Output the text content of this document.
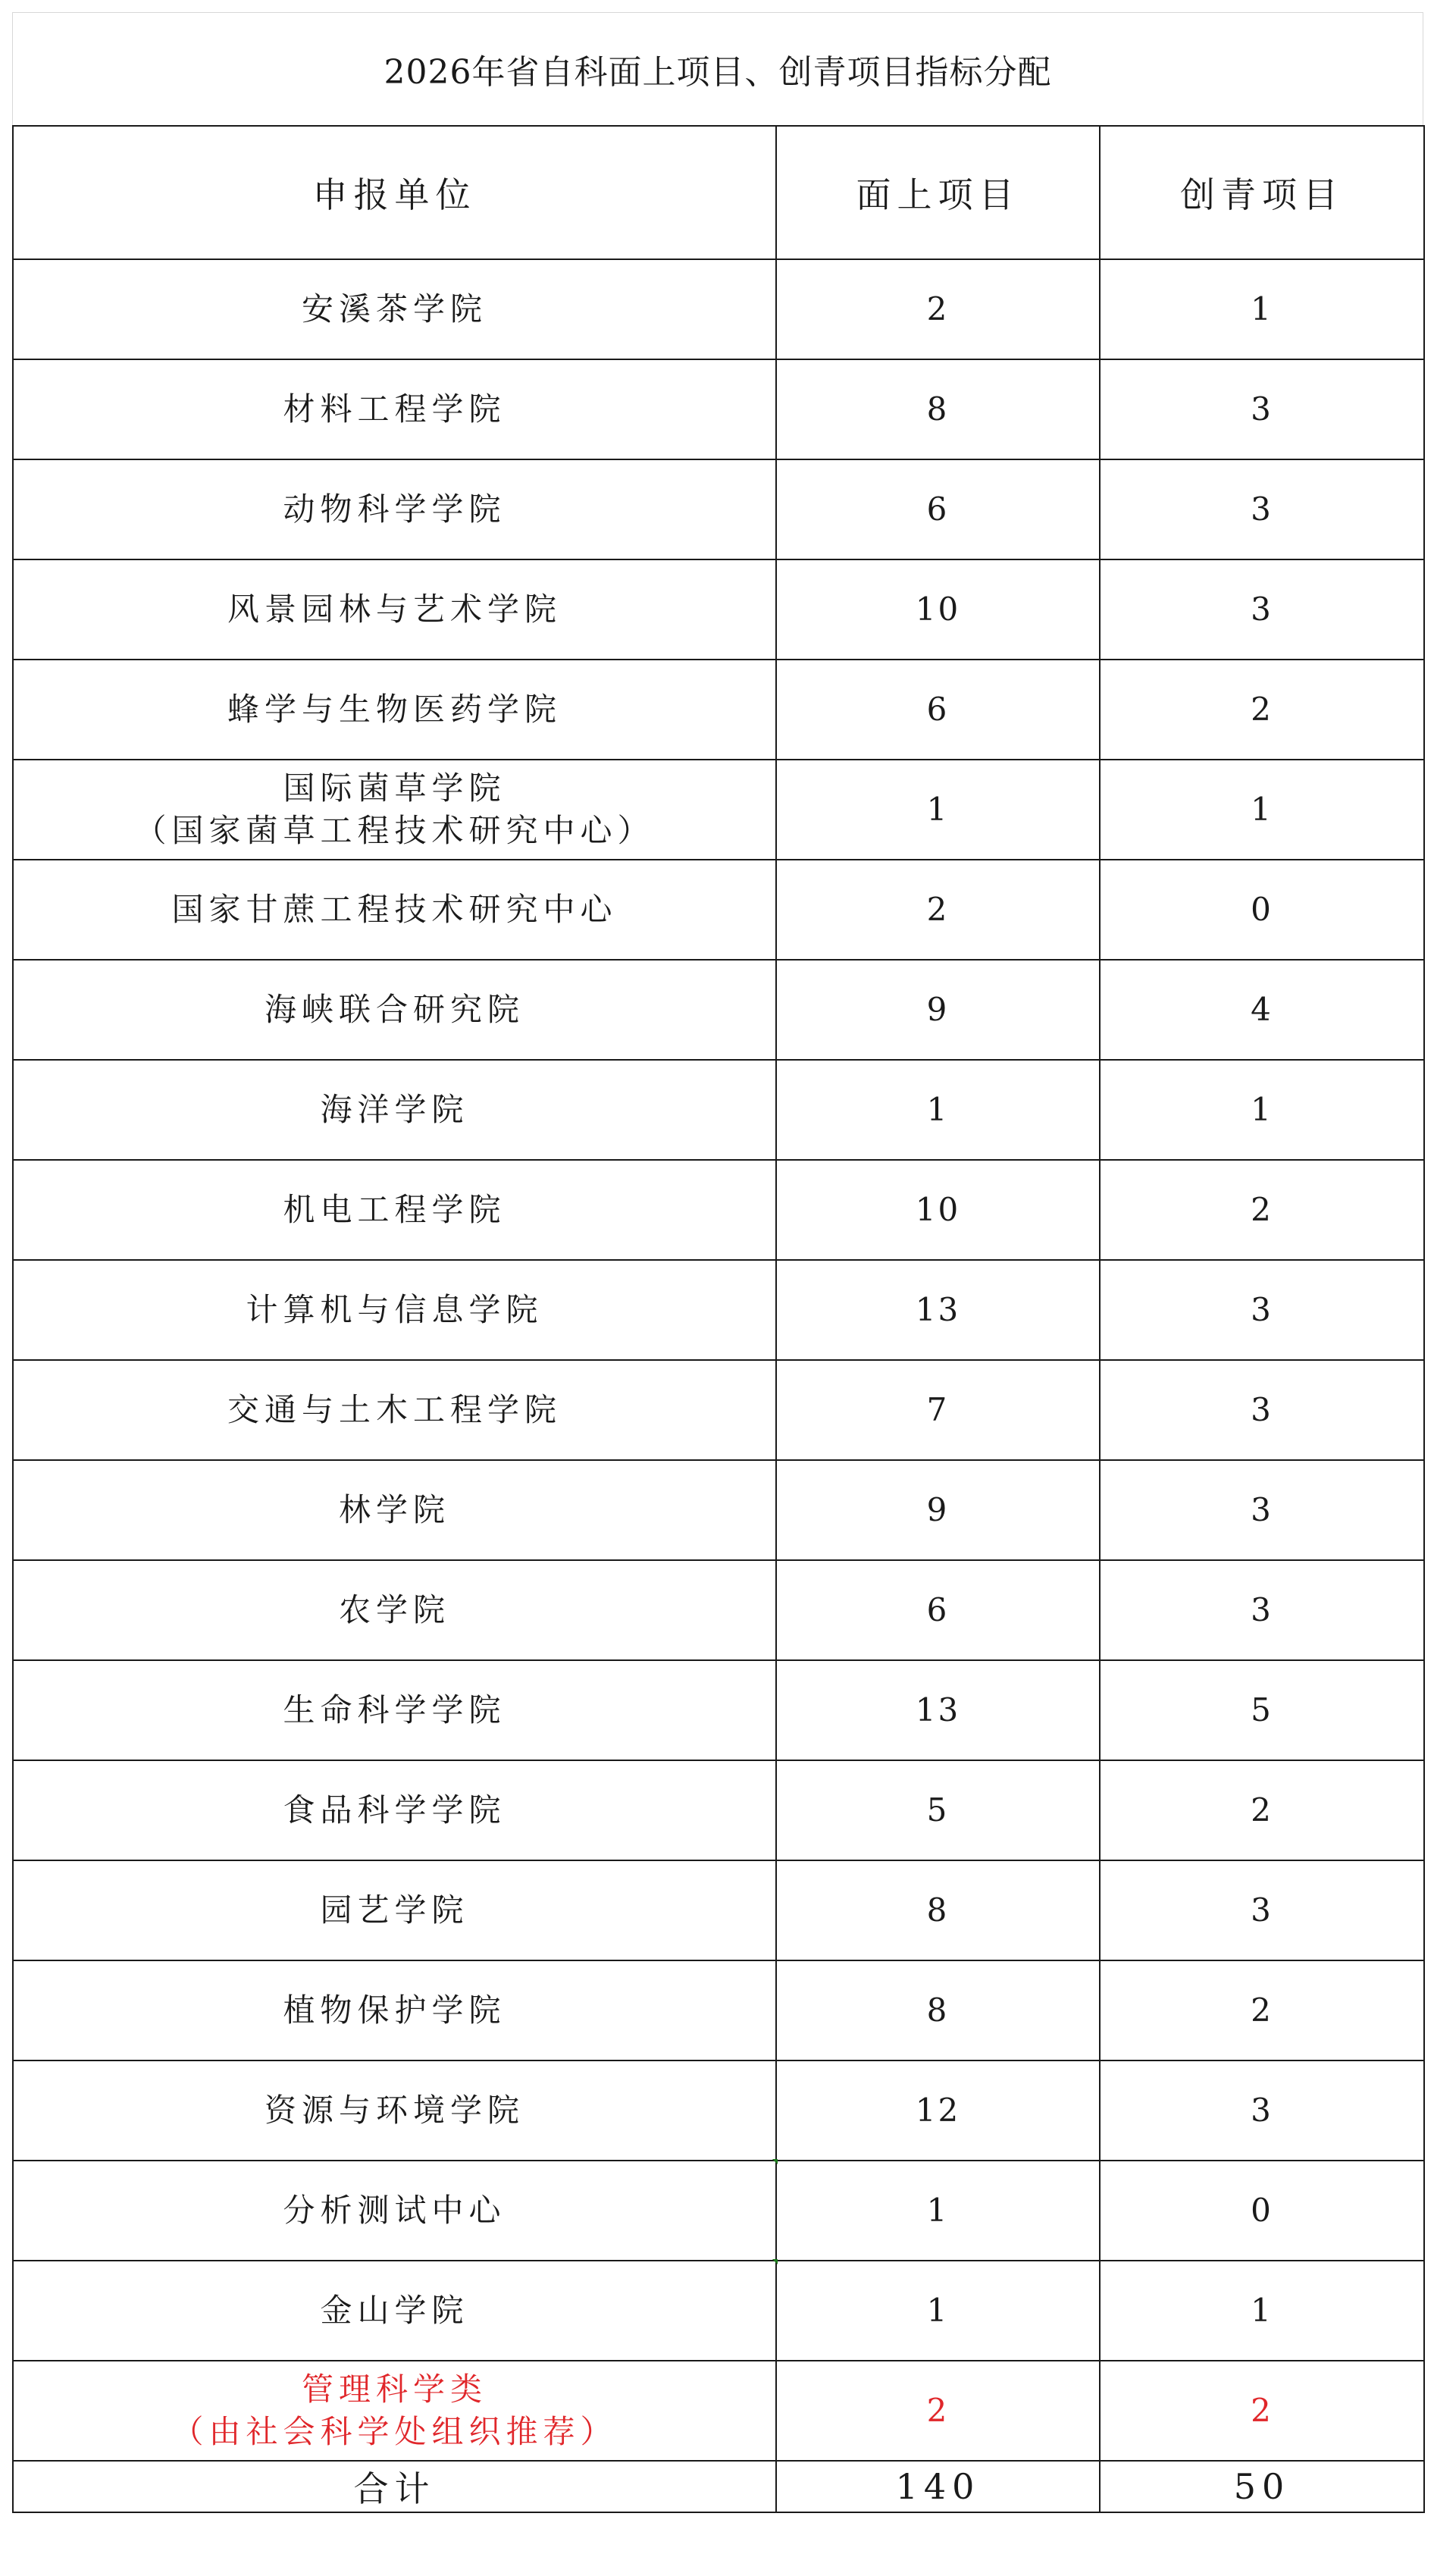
2026年省自科面上项目、创青项目指标分配
申报单位	面上项目	创青项目

安溪茶学院	2	1

材料工程学院	8	3

动物科学学院	6	3

风景园林与艺术学院	10	3

蜂学与生物医药学院	6	2

国际菌草学院
（国家菌草工程技术研究中心）	1	1

国家甘蔗工程技术研究中心	2	0

海峡联合研究院	9	4

海洋学院	1	1

机电工程学院	10	2

计算机与信息学院	13	3

交通与土木工程学院	7	3

林学院	9	3

农学院	6	3

生命科学学院	13	5

食品科学学院	5	2

园艺学院	8	3

植物保护学院	8	2

资源与环境学院	12	3

分析测试中心	1	0

金山学院	1	1

管理科学类
（由社会科学处组织推荐）	2	2
合计	140	50
